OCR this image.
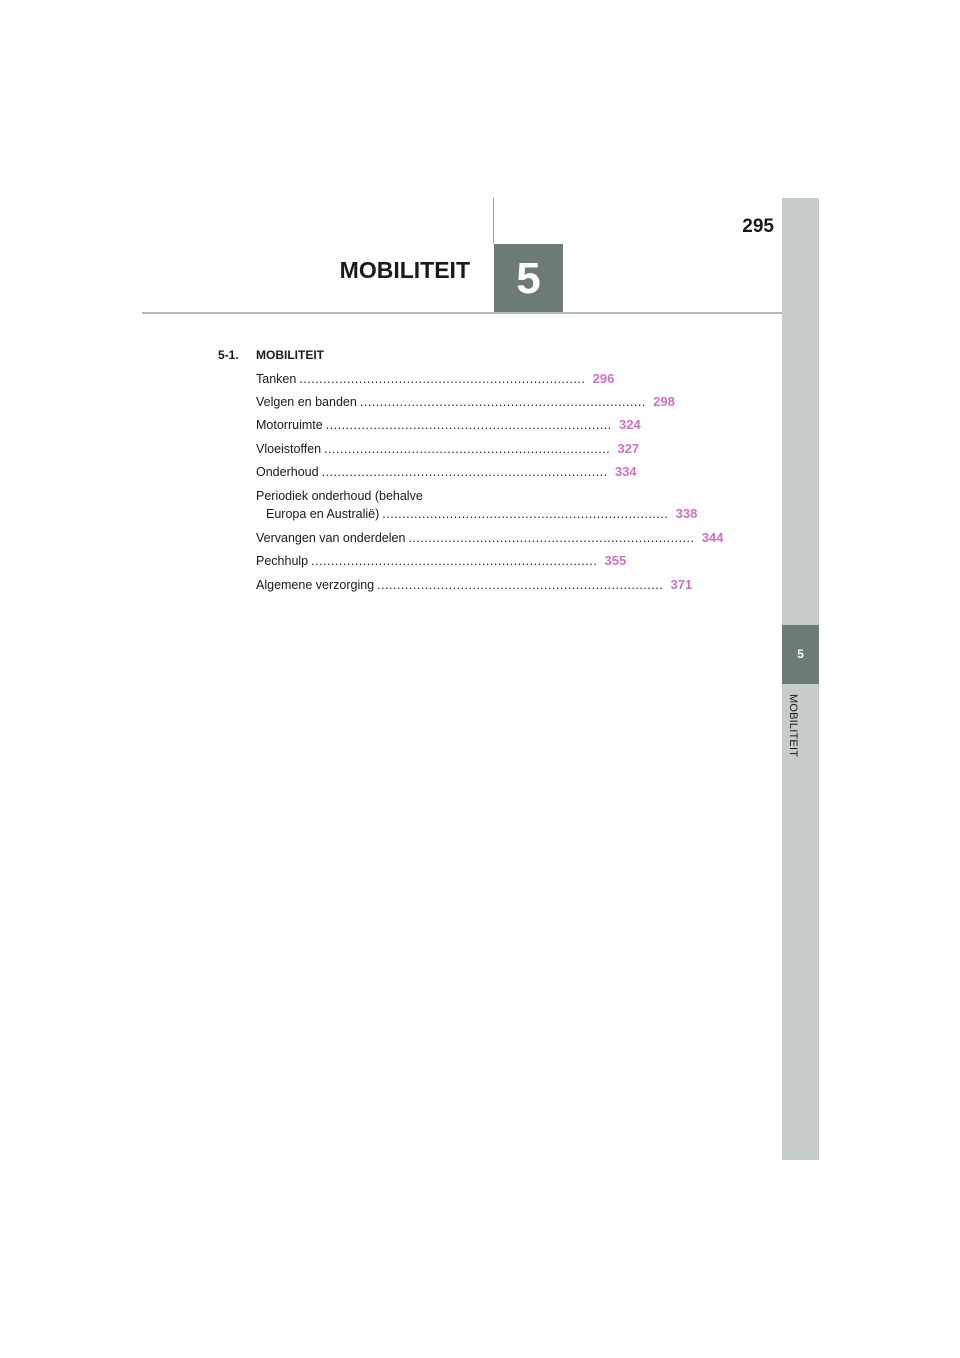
295
MOBILITEIT	5
5
MOBILITEIT
5-1. MOBILITEIT
Tanken ........................................................................ 296
Velgen en banden ........................................................................ 298
Motorruimte ........................................................................ 324
Vloeistoffen ........................................................................ 327
Onderhoud ........................................................................ 334
Periodiek onderhoud (behalve
Europa en Australië) ........................................................................ 338
Vervangen van onderdelen ........................................................................ 344
Pechhulp ........................................................................ 355
Algemene verzorging ........................................................................ 371
